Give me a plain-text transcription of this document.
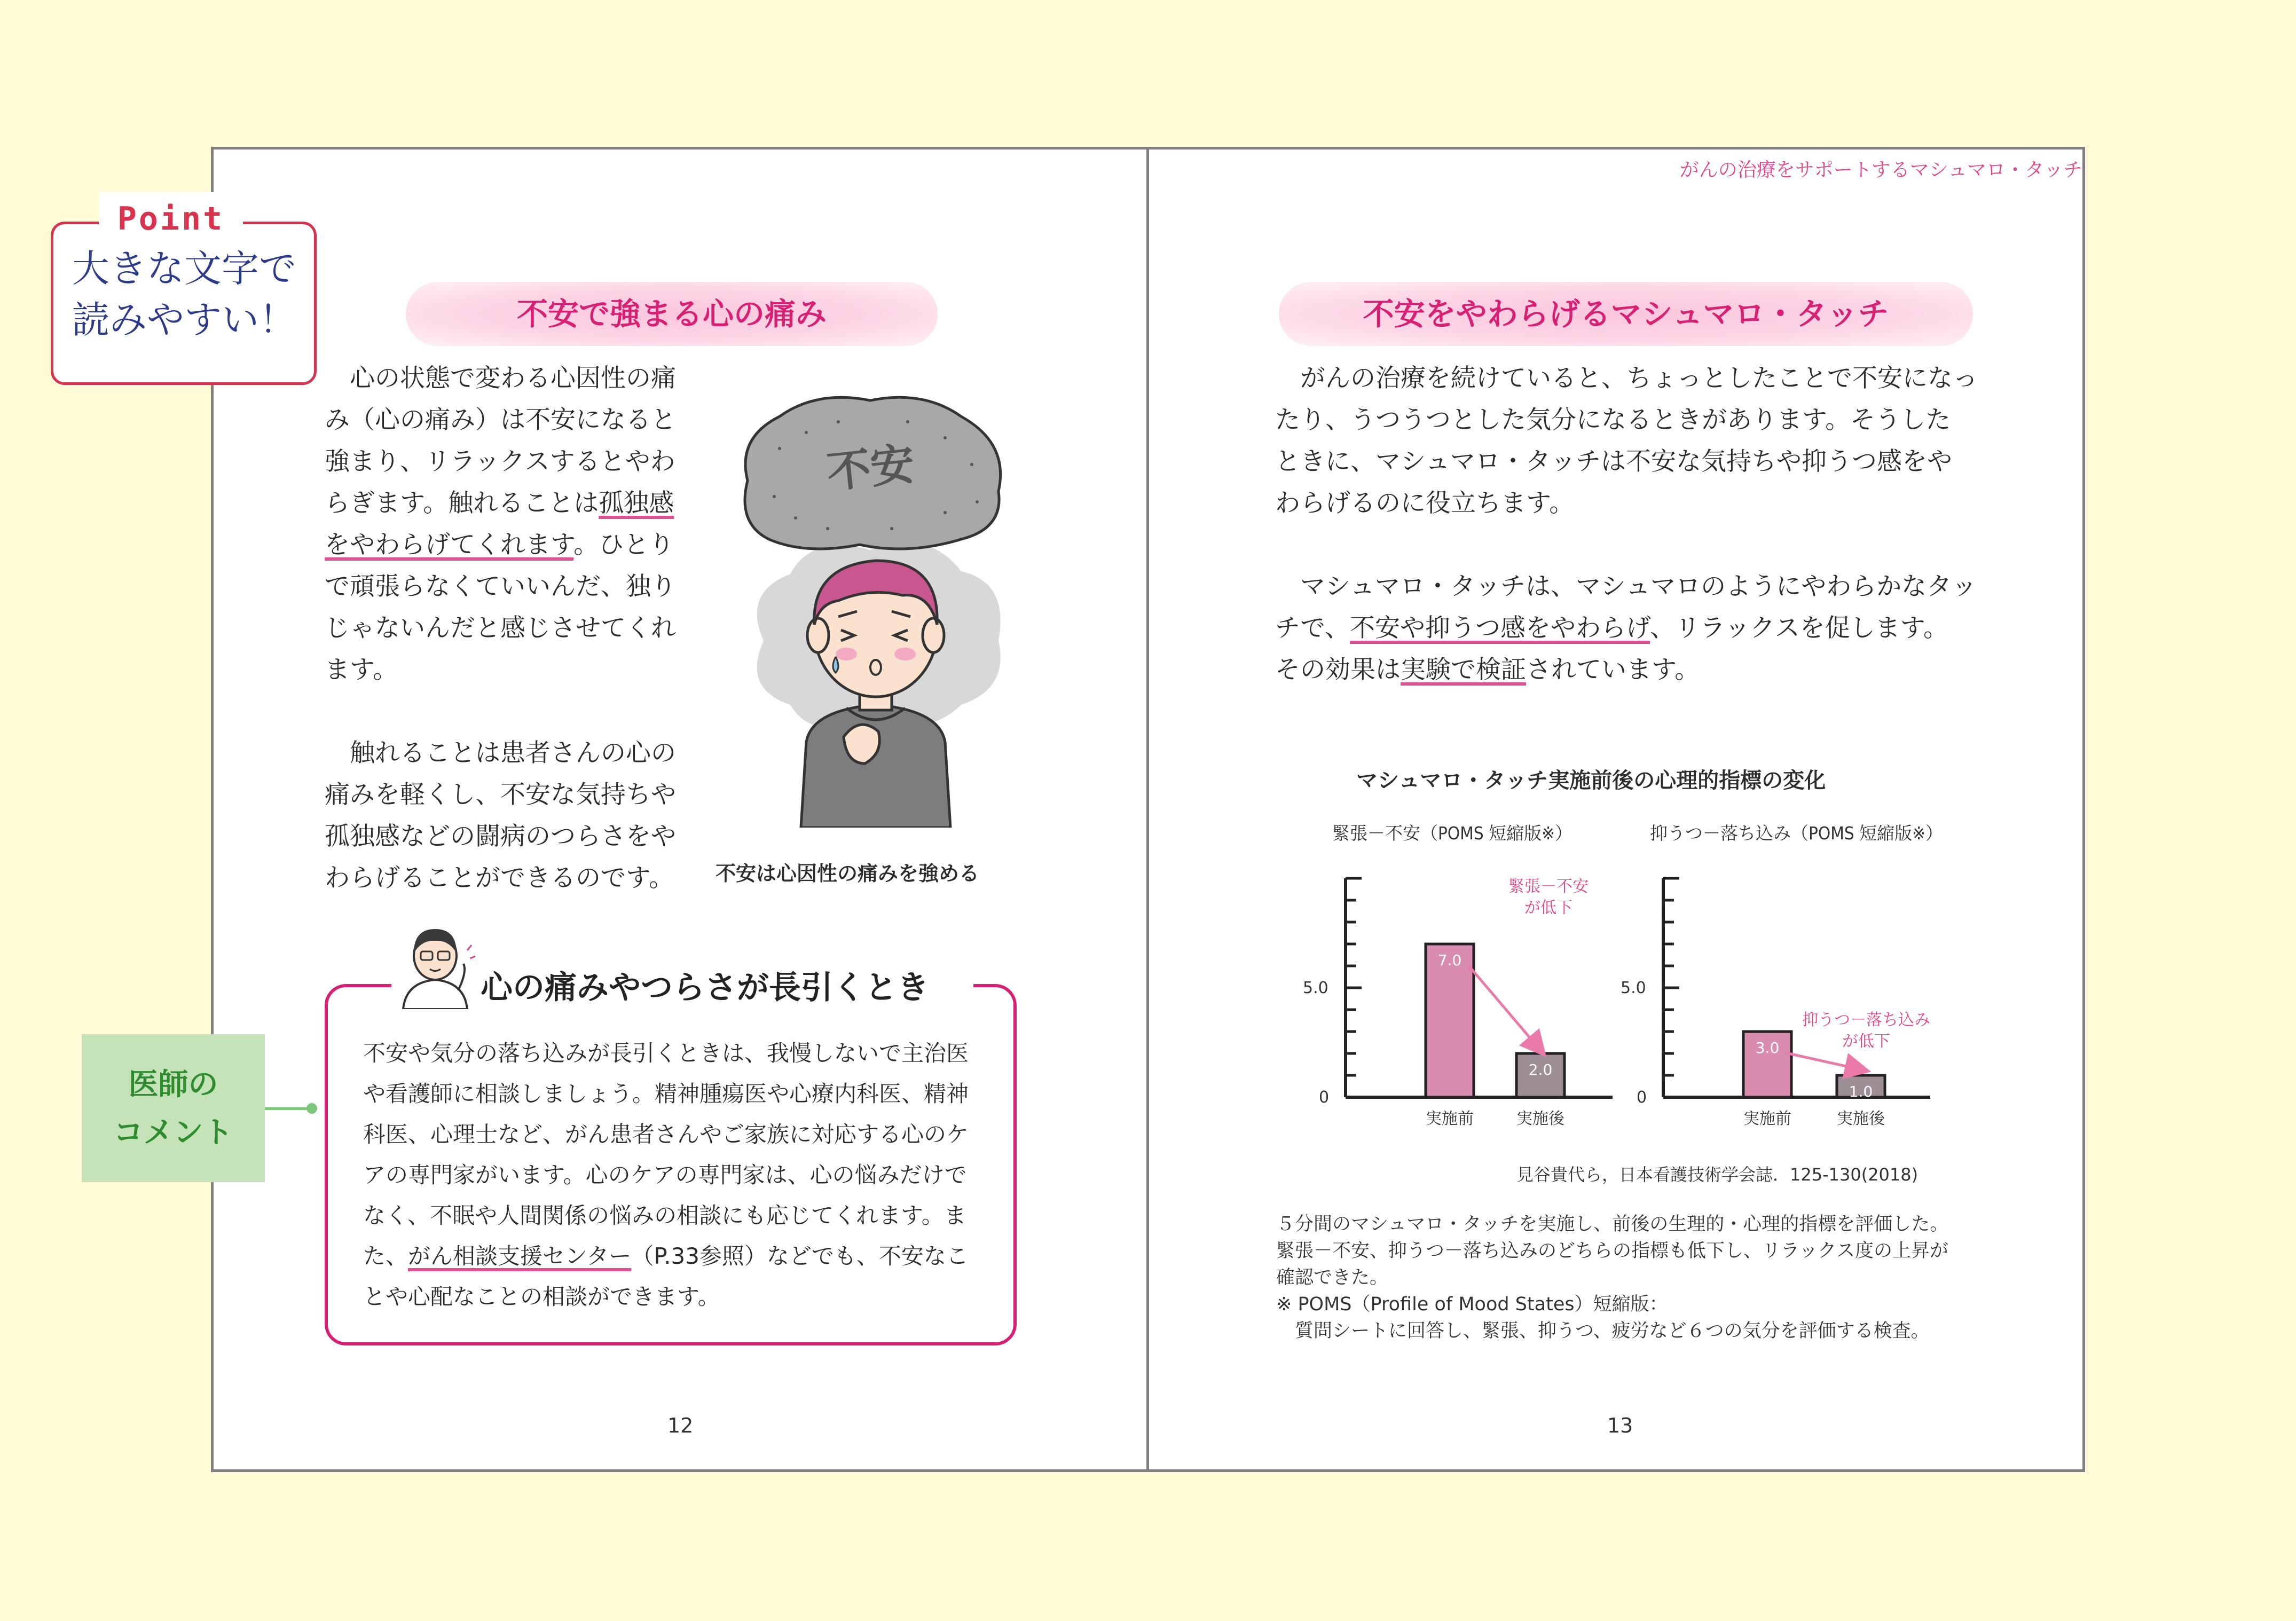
がんの治療をサポートするマシュマロ・タッチ
Point
大きな文字で
読みやすい！
医師の
コメント
不安で強まる心の痛み
心の状態で変わる心因性の痛
み（心の痛み）は不安になると
強まり、リラックスするとやわ
らぎます。触れることは孤独感
をやわらげてくれます。ひとり
で頑張らなくていいんだ、独り
じゃないんだと感じさせてくれ
ます。
触れることは患者さんの心の
痛みを軽くし、不安な気持ちや
孤独感などの闘病のつらさをや
わらげることができるのです。
不安
不安は心因性の痛みを強める
心の痛みやつらさが長引くとき
不安や気分の落ち込みが長引くときは、我慢しないで主治医
や看護師に相談しましょう。精神腫瘍医や心療内科医、精神
科医、心理士など、がん患者さんやご家族に対応する心のケ
アの専門家がいます。心のケアの専門家は、心の悩みだけで
なく、不眠や人間関係の悩みの相談にも応じてくれます。ま
た、がん相談支援センター（P.33参照）などでも、不安なこ
とや心配なことの相談ができます。
12
不安をやわらげるマシュマロ・タッチ
がんの治療を続けていると、ちょっとしたことで不安になっ
たり、うつうつとした気分になるときがあります。そうした
ときに、マシュマロ・タッチは不安な気持ちや抑うつ感をや
わらげるのに役立ちます。
マシュマロ・タッチは、マシュマロのようにやわらかなタッ
チで、不安や抑うつ感をやわらげ、リラックスを促します。
その効果は実験で検証されています。
マシュマロ・タッチ実施前後の心理的指標の変化
緊張－不安（POMS 短縮版※）	抑うつ－落ち込み（POMS 短縮版※）
0
5.0
7.0
実施前
2.0
実施後
緊張－不安
が低下
0
5.0
3.0
実施前
1.0
実施後
抑うつ－落ち込み
が低下
見谷貴代ら，日本看護技術学会誌．125-130(2018)
５分間のマシュマロ・タッチを実施し、前後の生理的・心理的指標を評価した。
緊張－不安、抑うつ－落ち込みのどちらの指標も低下し、リラックス度の上昇が
確認できた。
※ POMS（Profile of Mood States）短縮版：
　質問シートに回答し、緊張、抑うつ、疲労など６つの気分を評価する検査。
13
